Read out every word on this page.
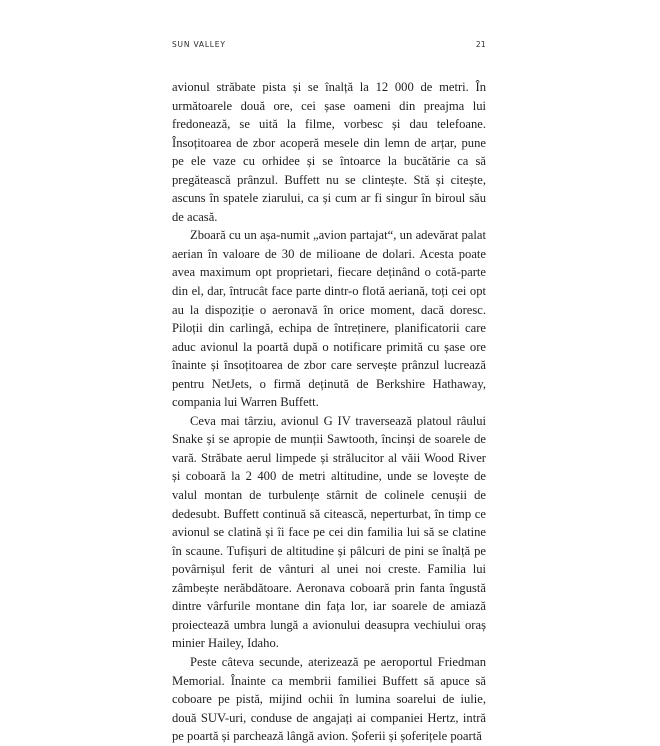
SUN VALLEY	21

avionul străbate pista și se înalță la 12 000 de metri. În următoarele două ore, cei șase oameni din preajma lui fredonează, se uită la filme, vorbesc și dau telefoane. Însoțitoarea de zbor acoperă mesele din lemn de arțar, pune pe ele vaze cu orhidee și se întoarce la bucătărie ca să pregătească prânzul. Buffett nu se clintește. Stă și citește, ascuns în spatele ziarului, ca și cum ar fi singur în biroul său de acasă.

Zboară cu un așa-numit „avion partajat“, un adevărat palat aerian în valoare de 30 de milioane de dolari. Acesta poate avea maximum opt proprietari, fiecare deținând o cotă-parte din el, dar, întrucât face parte dintr-o flotă aeriană, toți cei opt au la dispoziție o aeronavă în orice moment, dacă doresc. Piloții din carlingă, echipa de întreținere, planificatorii care aduc avionul la poartă după o notificare primită cu șase ore înainte și însoțitoarea de zbor care servește prânzul lucrează pentru NetJets, o firmă deținută de Berkshire Hathaway, compania lui Warren Buffett.

Ceva mai târziu, avionul G IV traversează platoul râului Snake și se apropie de munții Sawtooth, încinși de soarele de vară. Străbate aerul limpede și strălucitor al văii Wood River și coboară la 2 400 de metri altitudine, unde se lovește de valul montan de turbulențe stârnit de colinele cenușii de dedesubt. Buffett continuă să citească, neperturbat, în timp ce avionul se clatină și îi face pe cei din familia lui să se clatine în scaune. Tufișuri de altitudine și pâlcuri de pini se înalță pe povârnișul ferit de vânturi al unei noi creste. Familia lui zâmbește nerăbdătoare. Aeronava coboară prin fanta îngustă dintre vârfurile montane din fața lor, iar soarele de amiază proiectează umbra lungă a avionului deasupra vechiului oraș minier Hailey, Idaho.

Peste câteva secunde, aterizează pe aeroportul Friedman Memorial. Înainte ca membrii familiei Buffett să apuce să coboare pe pistă, mijind ochii în lumina soarelui de iulie, două SUV-uri, conduse de angajați ai companiei Hertz, intră pe poartă și parchează lângă avion. Șoferii și șoferițele poartă
